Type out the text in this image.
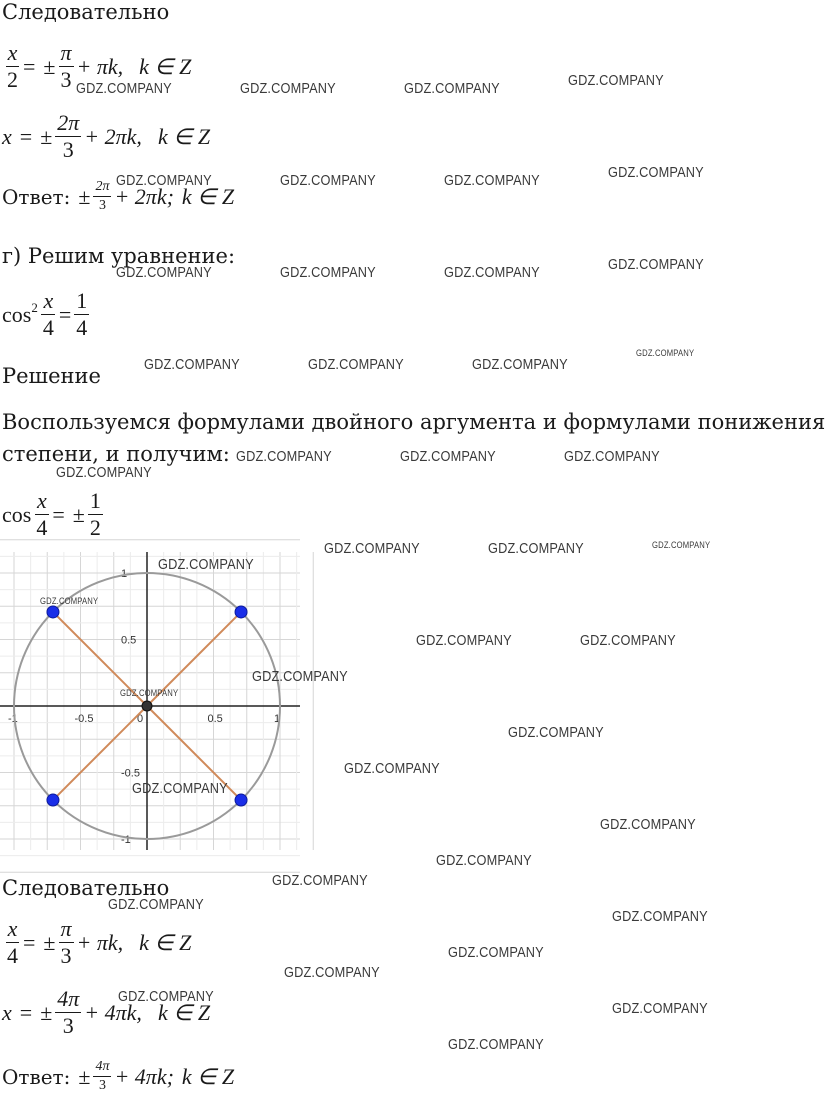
Следовательно
$\frac{x}{2}$ = ± $\frac{\pi}{3} + \pi k$, k ∈ Z
x = ± $\frac{2\pi}{3} + 2\pi k$, k ∈ Z
Ответ: ± $\frac{2\pi}{3} + 2\pi k$; k ∈ Z
г) Решим уравнение:
$\cos^2 \frac{x}{4} = \frac{1}{4}$
Решение
Воспользуемся формулами двойного аргумента и формулами понижения
степени, и получим:
$\cos \frac{x}{4}$ = ± $\frac{1}{2}$
-1	-0.5	0	0.5	1
1
0.5
-0.5
-1
Следовательно
$\frac{x}{4}$ = ± $\frac{\pi}{3} + \pi k$, k ∈ Z
x = ± $\frac{4\pi}{3} + 4\pi k$, k ∈ Z
Ответ: ± $\frac{4\pi}{3} + 4\pi k$; k ∈ Z
GDZ.COMPANY	GDZ.COMPANY	GDZ.COMPANY	GDZ.COMPANY
GDZ.COMPANY	GDZ.COMPANY	GDZ.COMPANY	GDZ.COMPANY
GDZ.COMPANY	GDZ.COMPANY	GDZ.COMPANY	GDZ.COMPANY
GDZ.COMPANY	GDZ.COMPANY	GDZ.COMPANY
GDZ.COMPANY
GDZ.COMPANY	GDZ.COMPANY	GDZ.COMPANY
GDZ.COMPANY
GDZ.COMPANY	GDZ.COMPANY	GDZ.COMPANY
GDZ.COMPANY
GDZ.COMPANY
GDZ.COMPANY	GDZ.COMPANY
GDZ.COMPANY
GDZ.COMPANY
GDZ.COMPANY
GDZ.COMPANY
GDZ.COMPANY
GDZ.COMPANY
GDZ.COMPANY
GDZ.COMPANY
GDZ.COMPANY
GDZ.COMPANY
GDZ.COMPANY
GDZ.COMPANY
GDZ.COMPANY
GDZ.COMPANY
GDZ.COMPANY
